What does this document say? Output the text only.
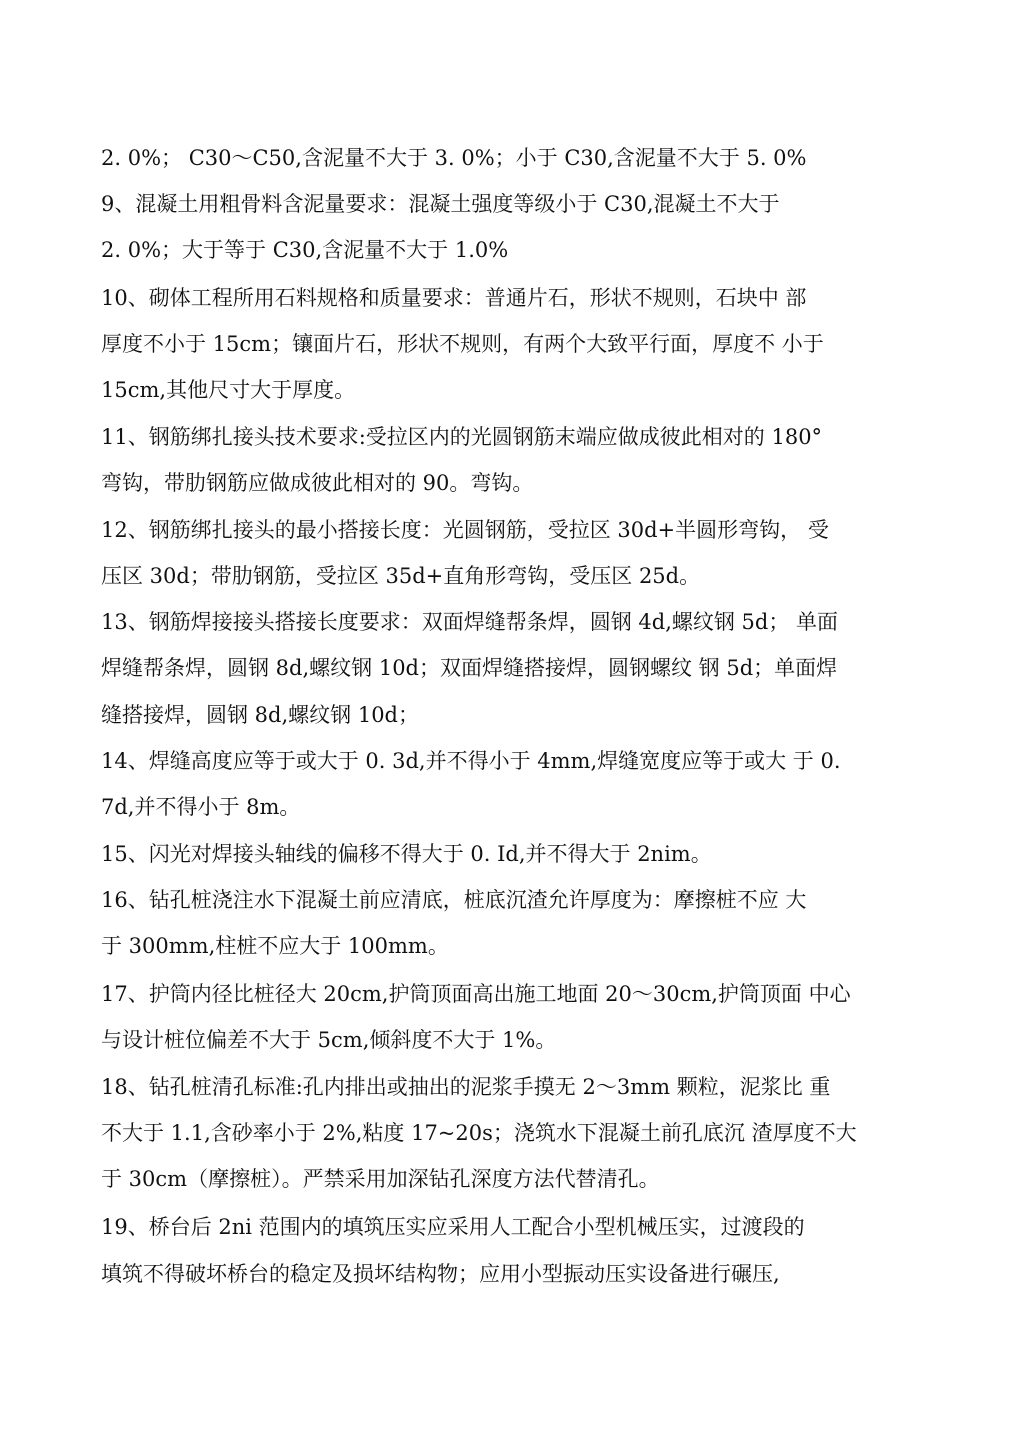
2. 0%； C30～C50,含泥量不大于 3. 0%；小于 C30,含泥量不大于 5. 0%
9、混凝土用粗骨料含泥量要求：混凝土强度等级小于 C30,混凝土不大于
2. 0%；大于等于 C30,含泥量不大于 1.0%
10、砌体工程所用石料规格和质量要求：普通片石，形状不规则，石块中 部
厚度不小于 15cm；镶面片石，形状不规则，有两个大致平行面，厚度不 小于
15cm,其他尺寸大于厚度。
11、钢筋绑扎接头技术要求:受拉区内的光圆钢筋末端应做成彼此相对的 180°
弯钩，带肋钢筋应做成彼此相对的 90。弯钩。
12、钢筋绑扎接头的最小搭接长度：光圆钢筋，受拉区 30d+半圆形弯钩， 受
压区 30d；带肋钢筋，受拉区 35d+直角形弯钩，受压区 25d。
13、钢筋焊接接头搭接长度要求：双面焊缝帮条焊，圆钢 4d,螺纹钢 5d； 单面
焊缝帮条焊，圆钢 8d,螺纹钢 10d；双面焊缝搭接焊，圆钢螺纹 钢 5d；单面焊
缝搭接焊，圆钢 8d,螺纹钢 10d；
14、焊缝高度应等于或大于 0. 3d,并不得小于 4mm,焊缝宽度应等于或大 于 0.
7d,并不得小于 8m。
15、闪光对焊接头轴线的偏移不得大于 0. Id,并不得大于 2nim。
16、钻孔桩浇注水下混凝土前应清底，桩底沉渣允许厚度为：摩擦桩不应 大
于 300mm,柱桩不应大于 100mm。
17、护筒内径比桩径大 20cm,护筒顶面高出施工地面 20～30cm,护筒顶面 中心
与设计桩位偏差不大于 5cm,倾斜度不大于 1%。
18、钻孔桩清孔标准:孔内排出或抽出的泥浆手摸无 2～3mm 颗粒，泥浆比 重
不大于 1.1,含砂率小于 2%,粘度 17~20s；浇筑水下混凝土前孔底沉 渣厚度不大
于 30cm（摩擦桩）。严禁采用加深钻孔深度方法代替清孔。
19、桥台后 2ni 范围内的填筑压实应采用人工配合小型机械压实，过渡段的
填筑不得破坏桥台的稳定及损坏结构物；应用小型振动压实设备进行碾压,
